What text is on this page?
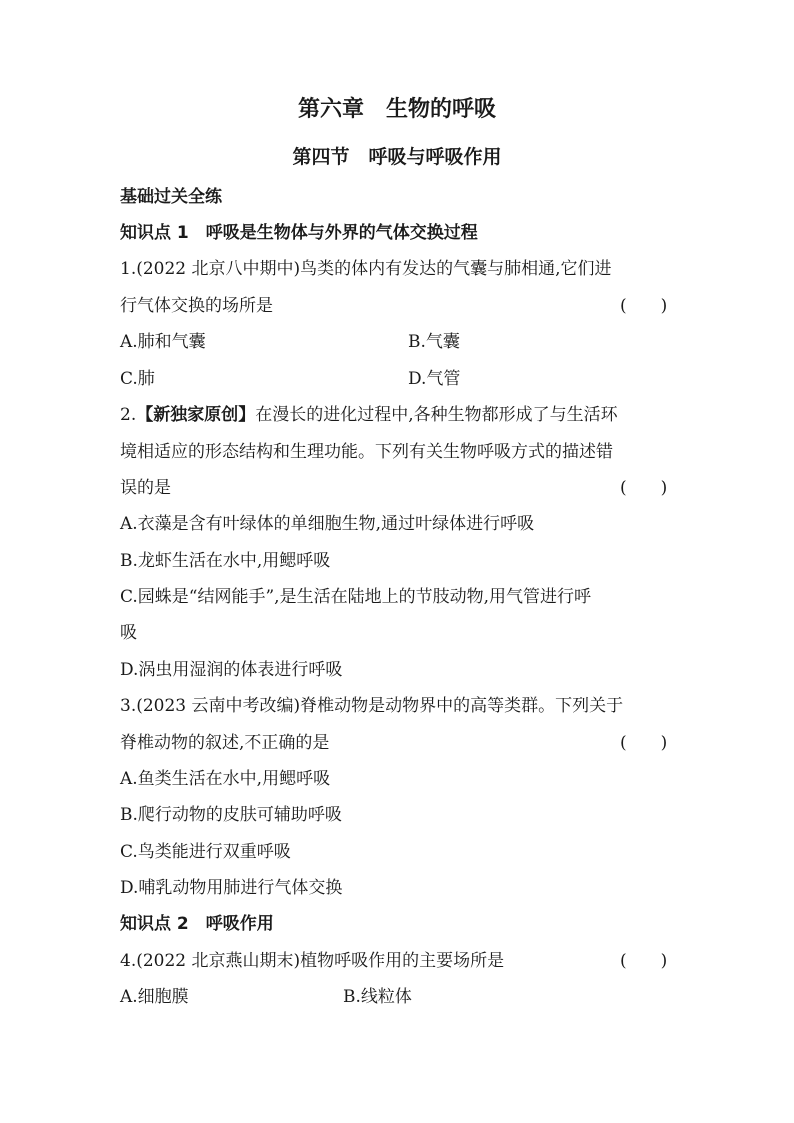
第六章　生物的呼吸
第四节　呼吸与呼吸作用
基础过关全练
知识点 1　呼吸是生物体与外界的气体交换过程
1.(2022 北京八中期中)鸟类的体内有发达的气囊与肺相通,它们进
行气体交换的场所是	(　　)
A.肺和气囊	B.气囊
C.肺	D.气管
2.【新独家原创】在漫长的进化过程中,各种生物都形成了与生活环
境相适应的形态结构和生理功能。下列有关生物呼吸方式的描述错
误的是	(　　)
A.衣藻是含有叶绿体的单细胞生物,通过叶绿体进行呼吸
B.龙虾生活在水中,用鳃呼吸
C.园蛛是“结网能手”,是生活在陆地上的节肢动物,用气管进行呼
吸
D.涡虫用湿润的体表进行呼吸
3.(2023 云南中考改编)脊椎动物是动物界中的高等类群。下列关于
脊椎动物的叙述,不正确的是	(　　)
A.鱼类生活在水中,用鳃呼吸
B.爬行动物的皮肤可辅助呼吸
C.鸟类能进行双重呼吸
D.哺乳动物用肺进行气体交换
知识点 2　呼吸作用
4.(2022 北京燕山期末)植物呼吸作用的主要场所是	(　　)
A.细胞膜	B.线粒体
